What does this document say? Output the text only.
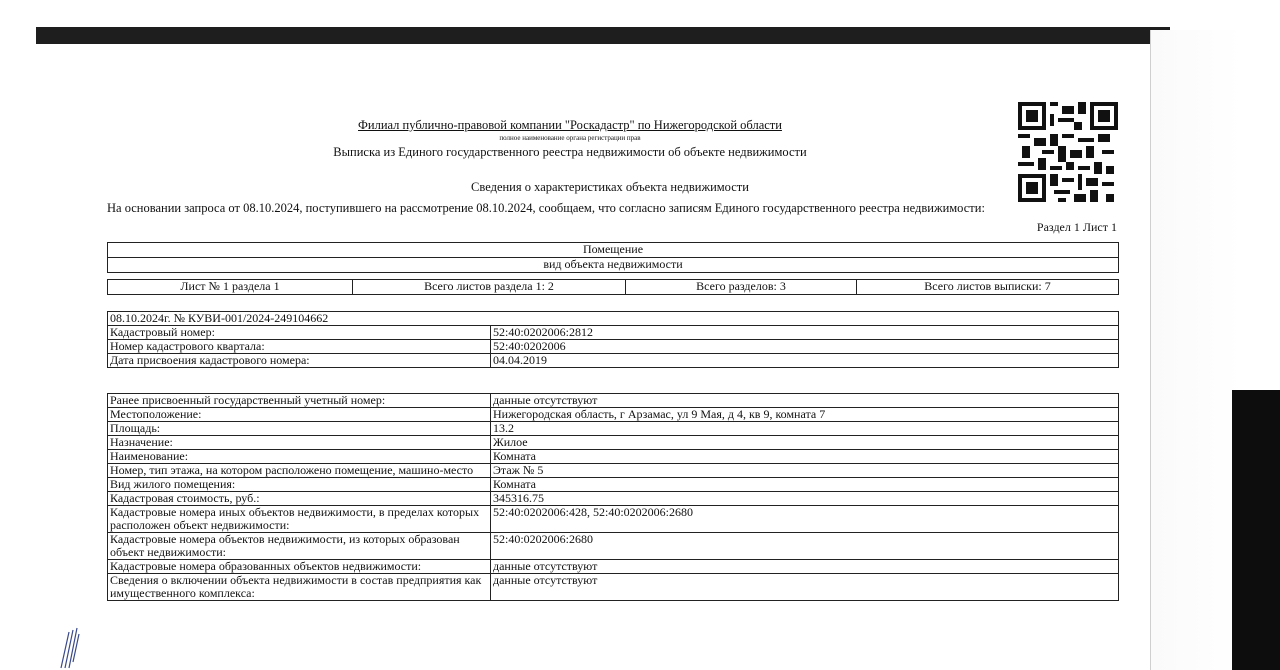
Филиал публично-правовой компании "Роскадастр" по Нижегородской области
полное наименование органа регистрации прав
Выписка из Единого государственного реестра недвижимости об объекте недвижимости
Сведения о характеристиках объекта недвижимости
На основании запроса от 08.10.2024, поступившего на рассмотрение 08.10.2024, сообщаем, что согласно записям Единого государственного реестра недвижимости:
Раздел 1 Лист 1
Помещение
вид объекта недвижимости
Лист № 1 раздела 1	Всего листов раздела 1: 2	Всего разделов: 3	Всего листов выписки: 7
08.10.2024г. № КУВИ-001/2024-249104662	
Кадастровый номер:	52:40:0202006:2812
Номер кадастрового квартала:	52:40:0202006
Дата присвоения кадастрового номера:	04.04.2019
Ранее присвоенный государственный учетный номер:	данные отсутствуют
Местоположение:	Нижегородская область, г Арзамас, ул 9 Мая, д 4, кв 9, комната 7
Площадь:	13.2
Назначение:	Жилое
Наименование:	Комната
Номер, тип этажа, на котором расположено помещение, машино-место	Этаж № 5
Вид жилого помещения:	Комната
Кадастровая стоимость, руб.:	345316.75
Кадастровые номера иных объектов недвижимости, в пределах которых расположен объект недвижимости:	52:40:0202006:428, 52:40:0202006:2680
Кадастровые номера объектов недвижимости, из которых образован объект недвижимости:	52:40:0202006:2680
Кадастровые номера образованных объектов недвижимости:	данные отсутствуют
Сведения о включении объекта недвижимости в состав предприятия как имущественного комплекса:	данные отсутствуют
